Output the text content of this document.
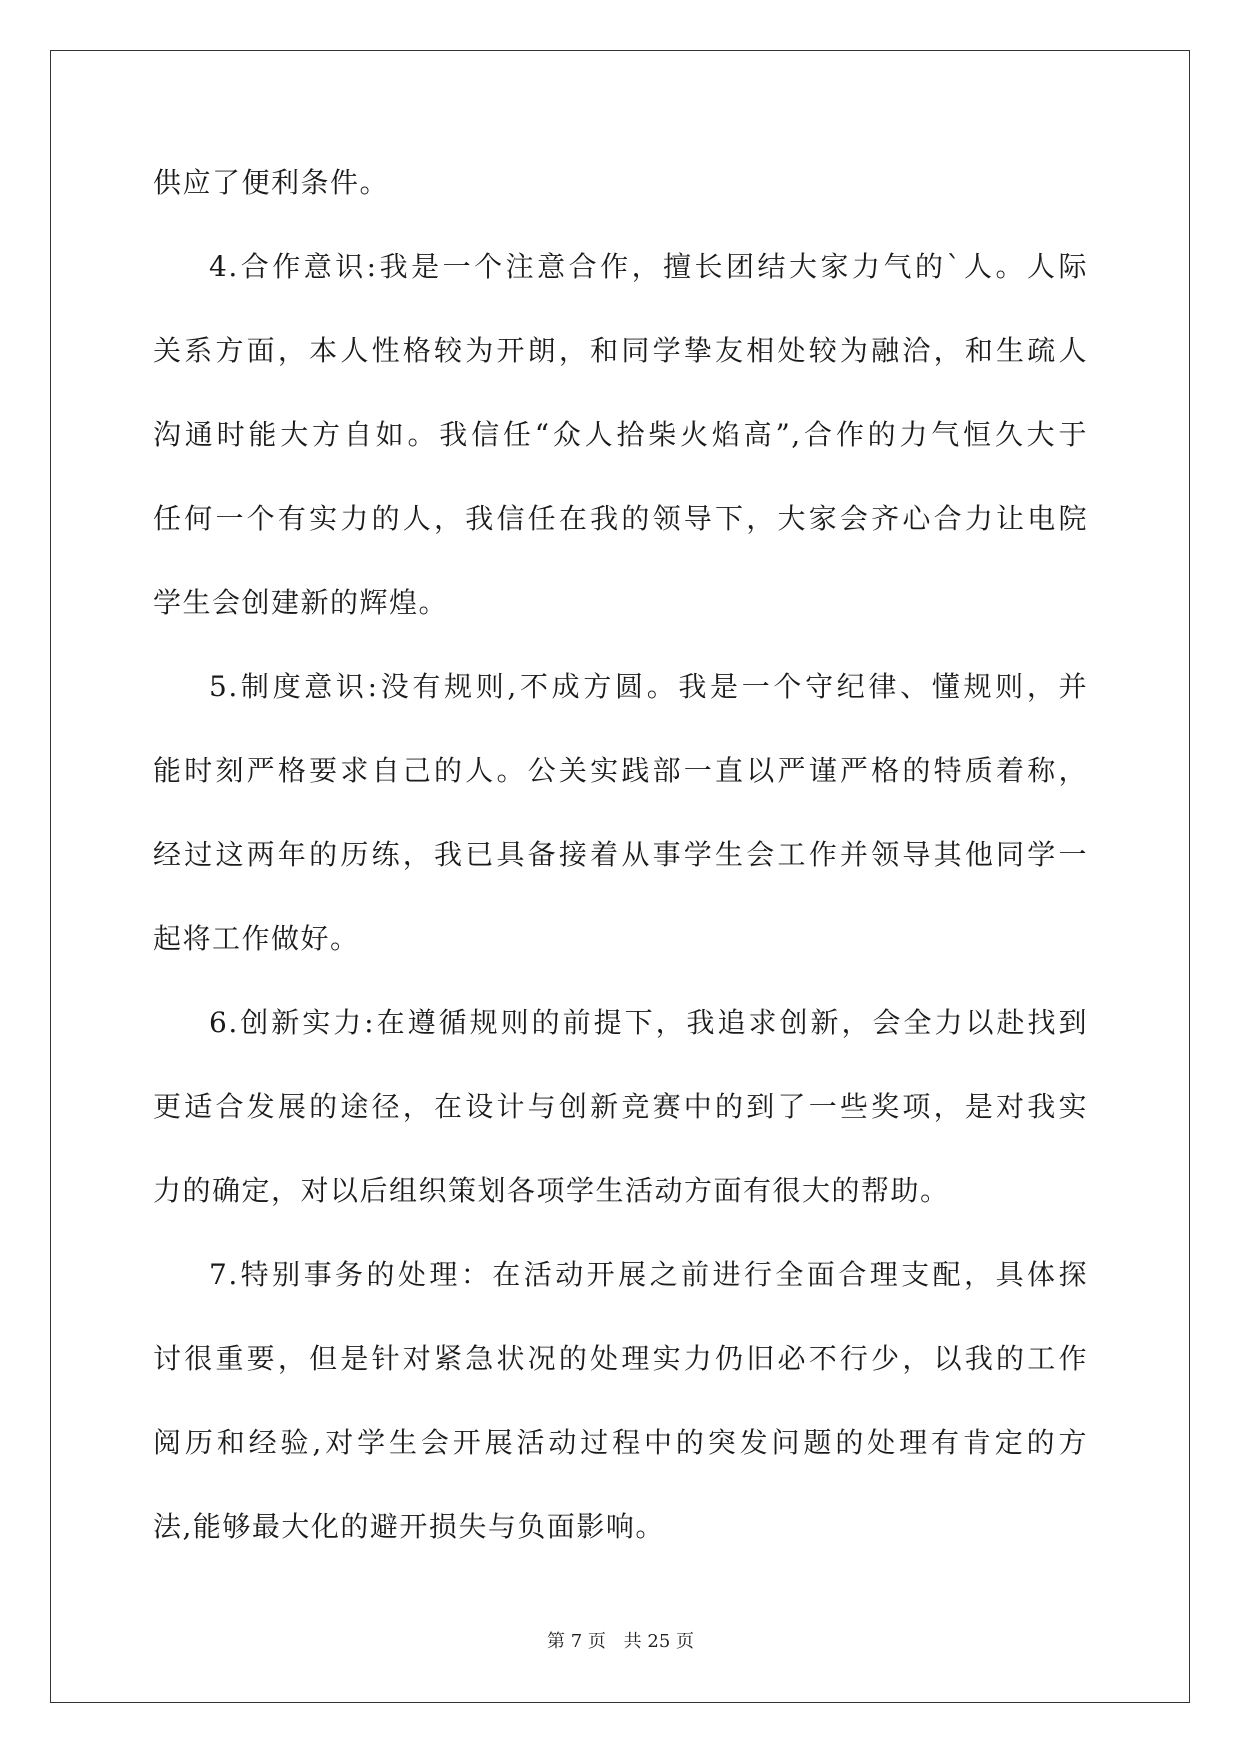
供应了便利条件。
4.合作意识:我是一个注意合作，擅长团结大家力气的`人。人际
关系方面，本人性格较为开朗，和同学挚友相处较为融洽，和生疏人
沟通时能大方自如。我信任“众人拾柴火焰高”,合作的力气恒久大于
任何一个有实力的人，我信任在我的领导下，大家会齐心合力让电院
学生会创建新的辉煌。
5.制度意识:没有规则,不成方圆。我是一个守纪律、懂规则，并
能时刻严格要求自己的人。公关实践部一直以严谨严格的特质着称，
经过这两年的历练，我已具备接着从事学生会工作并领导其他同学一
起将工作做好。
6.创新实力:在遵循规则的前提下，我追求创新，会全力以赴找到
更适合发展的途径，在设计与创新竞赛中的到了一些奖项，是对我实
力的确定，对以后组织策划各项学生活动方面有很大的帮助。
7.特别事务的处理：在活动开展之前进行全面合理支配，具体探
讨很重要，但是针对紧急状况的处理实力仍旧必不行少，以我的工作
阅历和经验,对学生会开展活动过程中的突发问题的处理有肯定的方
法,能够最大化的避开损失与负面影响。
第 7 页 共 25 页
